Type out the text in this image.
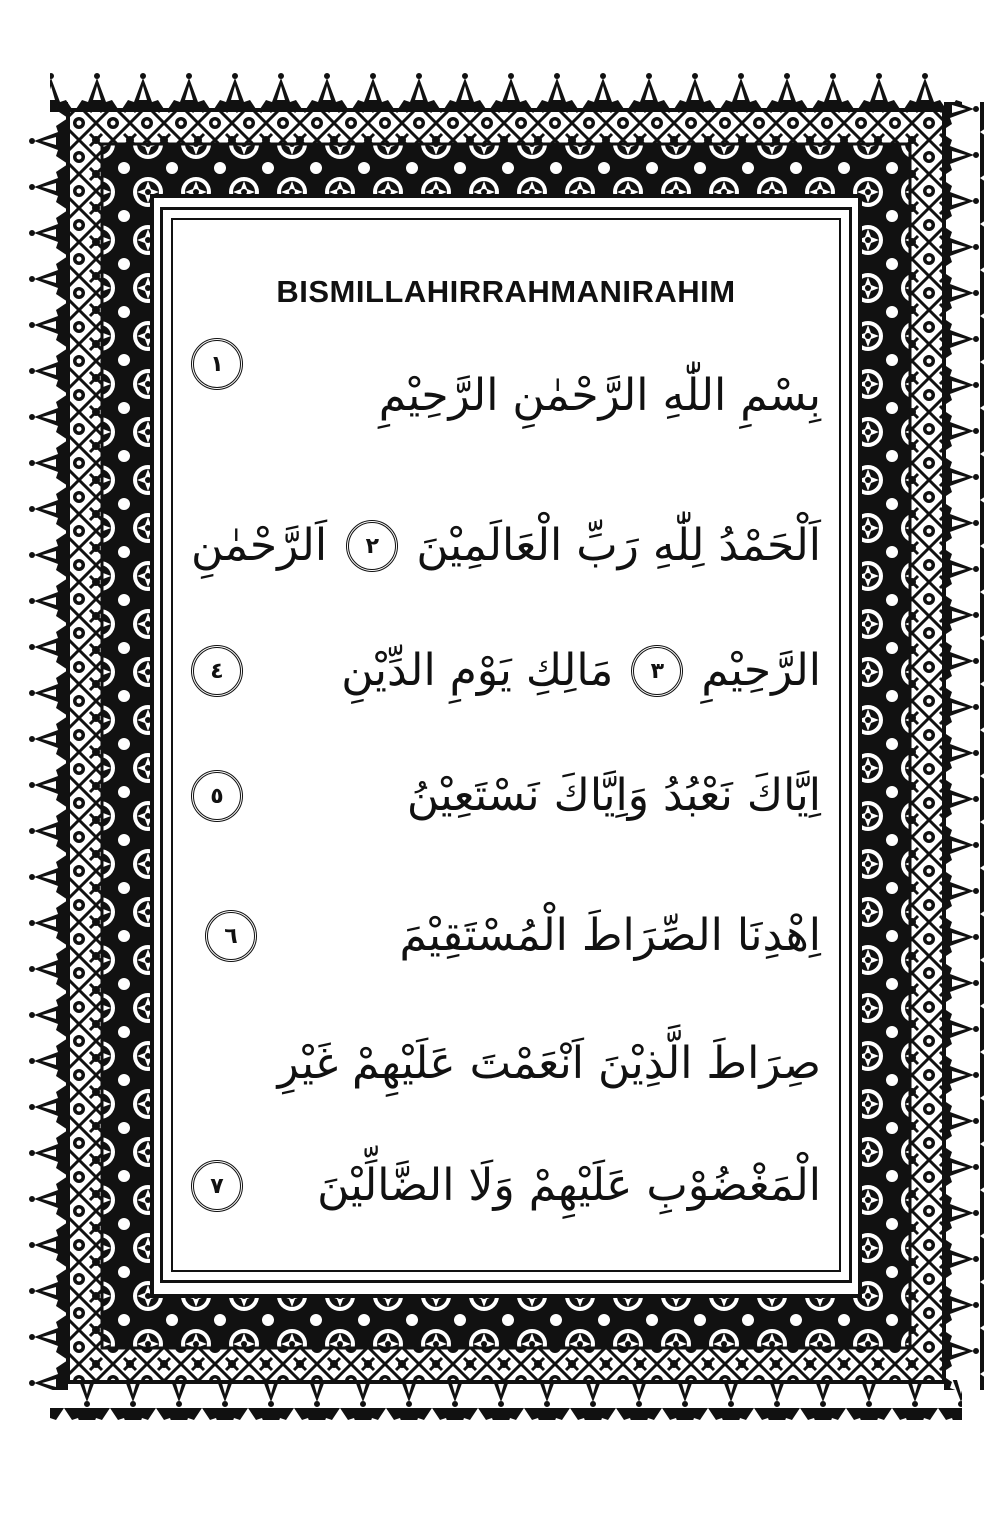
BISMILLAHIRRAHMANIRAHIM
بِسْمِ اللّٰهِ الرَّحْمٰنِ الرَّحِيْمِ
١
اَلْحَمْدُ لِلّٰهِ رَبِّ الْعَالَمِيْنَ
٢
اَلرَّحْمٰنِ
الرَّحِيْمِ
٣
مَالِكِ يَوْمِ الدِّيْنِ
٤
اِيَّاكَ نَعْبُدُ وَاِيَّاكَ نَسْتَعِيْنُ
٥
اِهْدِنَا الصِّرَاطَ الْمُسْتَقِيْمَ
٦
صِرَاطَ الَّذِيْنَ اَنْعَمْتَ عَلَيْهِمْ غَيْرِ
الْمَغْضُوْبِ عَلَيْهِمْ وَلَا الضَّالِّيْنَ
٧
